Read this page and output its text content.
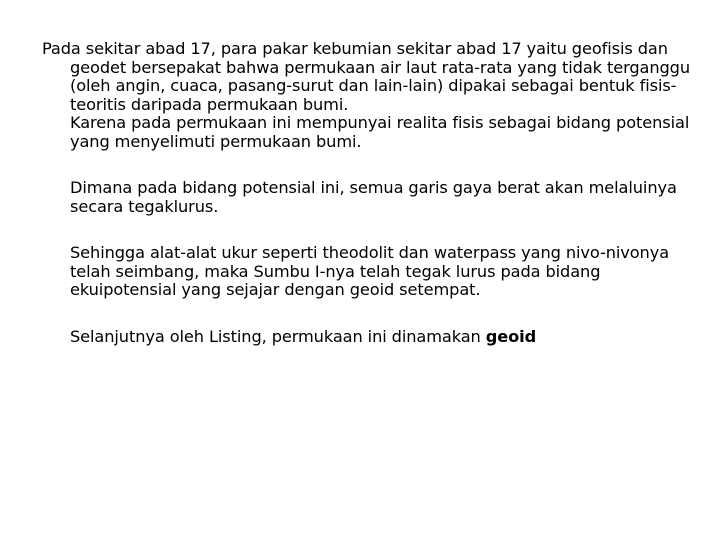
Pada sekitar abad 17, para pakar kebumian sekitar abad 17 yaitu geofisis dan geodet bersepakat bahwa permukaan air laut rata-rata yang tidak terganggu (oleh angin, cuaca, pasang-surut dan lain-lain) dipakai sebagai bentuk fisis-teoritis daripada permukaan bumi.

Karena pada permukaan ini mempunyai realita fisis sebagai bidang potensial yang menyelimuti permukaan bumi.

Dimana pada bidang potensial ini, semua garis gaya berat akan melaluinya secara tegaklurus.

Sehingga alat-alat ukur seperti theodolit dan waterpass yang nivo-nivonya telah seimbang, maka Sumbu I-nya telah tegak lurus pada bidang ekuipotensial yang sejajar dengan geoid setempat.

Selanjutnya oleh Listing, permukaan ini dinamakan geoid
